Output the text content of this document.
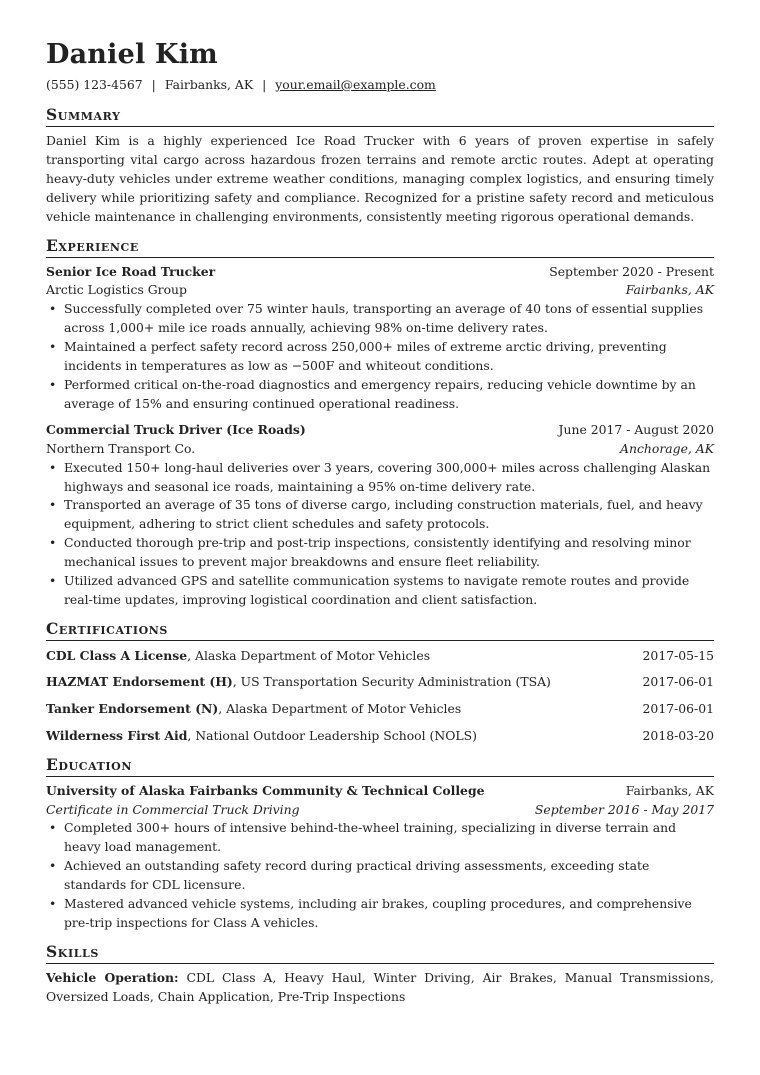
Daniel Kim
(555) 123-4567 | Fairbanks, AK | your.email@example.com
Summary

Daniel Kim is a highly experienced Ice Road Trucker with 6 years of proven expertise in safely transporting vital cargo across hazardous frozen terrains and remote arctic routes. Adept at operating heavy-duty vehicles under extreme weather conditions, managing complex logistics, and ensuring timely delivery while prioritizing safety and compliance. Recognized for a pristine safety record and meticulous vehicle maintenance in challenging environments, consistently meeting rigorous operational demands.

Experience
Senior Ice Road Trucker	September 2020 - Present
Arctic Logistics Group	Fairbanks, AK
• Successfully completed over 75 winter hauls, transporting an average of 40 tons of essential supplies across 1,000+ mile ice roads annually, achieving 98% on-time delivery rates.
• Maintained a perfect safety record across 250,000+ miles of extreme arctic driving, preventing incidents in temperatures as low as −500F and whiteout conditions.
• Performed critical on-the-road diagnostics and emergency repairs, reducing vehicle downtime by an average of 15% and ensuring continued operational readiness.
Commercial Truck Driver (Ice Roads)	June 2017 - August 2020
Northern Transport Co.	Anchorage, AK
• Executed 150+ long-haul deliveries over 3 years, covering 300,000+ miles across challenging Alaskan highways and seasonal ice roads, maintaining a 95% on-time delivery rate.
• Transported an average of 35 tons of diverse cargo, including construction materials, fuel, and heavy equipment, adhering to strict client schedules and safety protocols.
• Conducted thorough pre-trip and post-trip inspections, consistently identifying and resolving minor mechanical issues to prevent major breakdowns and ensure fleet reliability.
• Utilized advanced GPS and satellite communication systems to navigate remote routes and provide real-time updates, improving logistical coordination and client satisfaction.
Certifications
CDL Class A License, Alaska Department of Motor Vehicles	2017-05-15
HAZMAT Endorsement (H), US Transportation Security Administration (TSA)	2017-06-01
Tanker Endorsement (N), Alaska Department of Motor Vehicles	2017-06-01
Wilderness First Aid, National Outdoor Leadership School (NOLS)	2018-03-20
Education
University of Alaska Fairbanks Community & Technical College	Fairbanks, AK
Certificate in Commercial Truck Driving	September 2016 - May 2017
• Completed 300+ hours of intensive behind-the-wheel training, specializing in diverse terrain and heavy load management.
• Achieved an outstanding safety record during practical driving assessments, exceeding state standards for CDL licensure.
• Mastered advanced vehicle systems, including air brakes, coupling procedures, and comprehensive pre-trip inspections for Class A vehicles.
Skills
Vehicle Operation: CDL Class A, Heavy Haul, Winter Driving, Air Brakes, Manual Transmissions, Oversized Loads, Chain Application, Pre-Trip Inspections
